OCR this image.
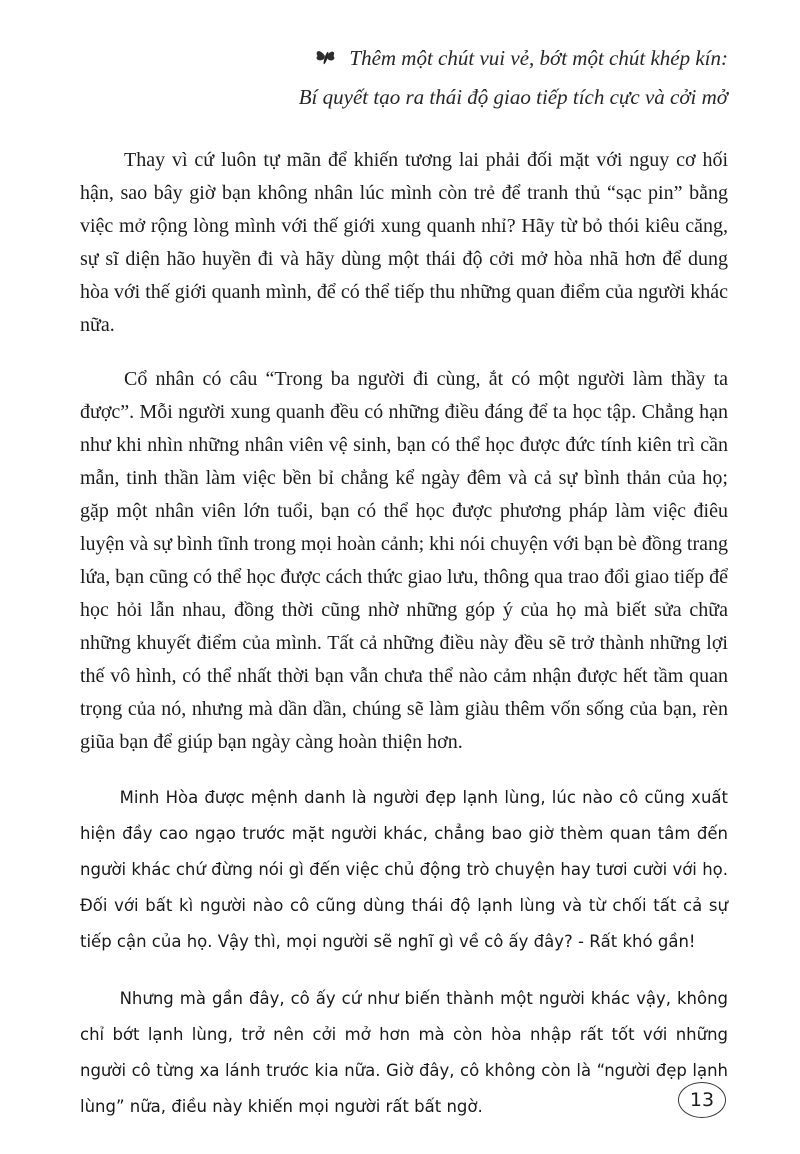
Thêm một chút vui vẻ, bớt một chút khép kín:
Bí quyết tạo ra thái độ giao tiếp tích cực và cởi mở

Thay vì cứ luôn tự mãn để khiến tương lai phải đối mặt với nguy cơ hối hận, sao bây giờ bạn không nhân lúc mình còn trẻ để tranh thủ “sạc pin” bằng việc mở rộng lòng mình với thế giới xung quanh nhỉ? Hãy từ bỏ thói kiêu căng, sự sĩ diện hão huyền đi và hãy dùng một thái độ cởi mở hòa nhã hơn để dung hòa với thế giới quanh mình, để có thể tiếp thu những quan điểm của người khác nữa.

Cổ nhân có câu “Trong ba người đi cùng, ắt có một người làm thầy ta được”. Mỗi người xung quanh đều có những điều đáng để ta học tập. Chẳng hạn như khi nhìn những nhân viên vệ sinh, bạn có thể học được đức tính kiên trì cần mẫn, tinh thần làm việc bền bỉ chẳng kể ngày đêm và cả sự bình thản của họ; gặp một nhân viên lớn tuổi, bạn có thể học được phương pháp làm việc điêu luyện và sự bình tĩnh trong mọi hoàn cảnh; khi nói chuyện với bạn bè đồng trang lứa, bạn cũng có thể học được cách thức giao lưu, thông qua trao đổi giao tiếp để học hỏi lẫn nhau, đồng thời cũng nhờ những góp ý của họ mà biết sửa chữa những khuyết điểm của mình. Tất cả những điều này đều sẽ trở thành những lợi thế vô hình, có thể nhất thời bạn vẫn chưa thể nào cảm nhận được hết tầm quan trọng của nó, nhưng mà dần dần, chúng sẽ làm giàu thêm vốn sống của bạn, rèn giũa bạn để giúp bạn ngày càng hoàn thiện hơn.

Minh Hòa được mệnh danh là người đẹp lạnh lùng, lúc nào cô cũng xuất hiện đầy cao ngạo trước mặt người khác, chẳng bao giờ thèm quan tâm đến người khác chứ đừng nói gì đến việc chủ động trò chuyện hay tươi cười với họ. Đối với bất kì người nào cô cũng dùng thái độ lạnh lùng và từ chối tất cả sự tiếp cận của họ. Vậy thì, mọi người sẽ nghĩ gì về cô ấy đây? - Rất khó gần!

Nhưng mà gần đây, cô ấy cứ như biến thành một người khác vậy, không chỉ bớt lạnh lùng, trở nên cởi mở hơn mà còn hòa nhập rất tốt với những người cô từng xa lánh trước kia nữa. Giờ đây, cô không còn là “người đẹp lạnh lùng” nữa, điều này khiến mọi người rất bất ngờ.	13
